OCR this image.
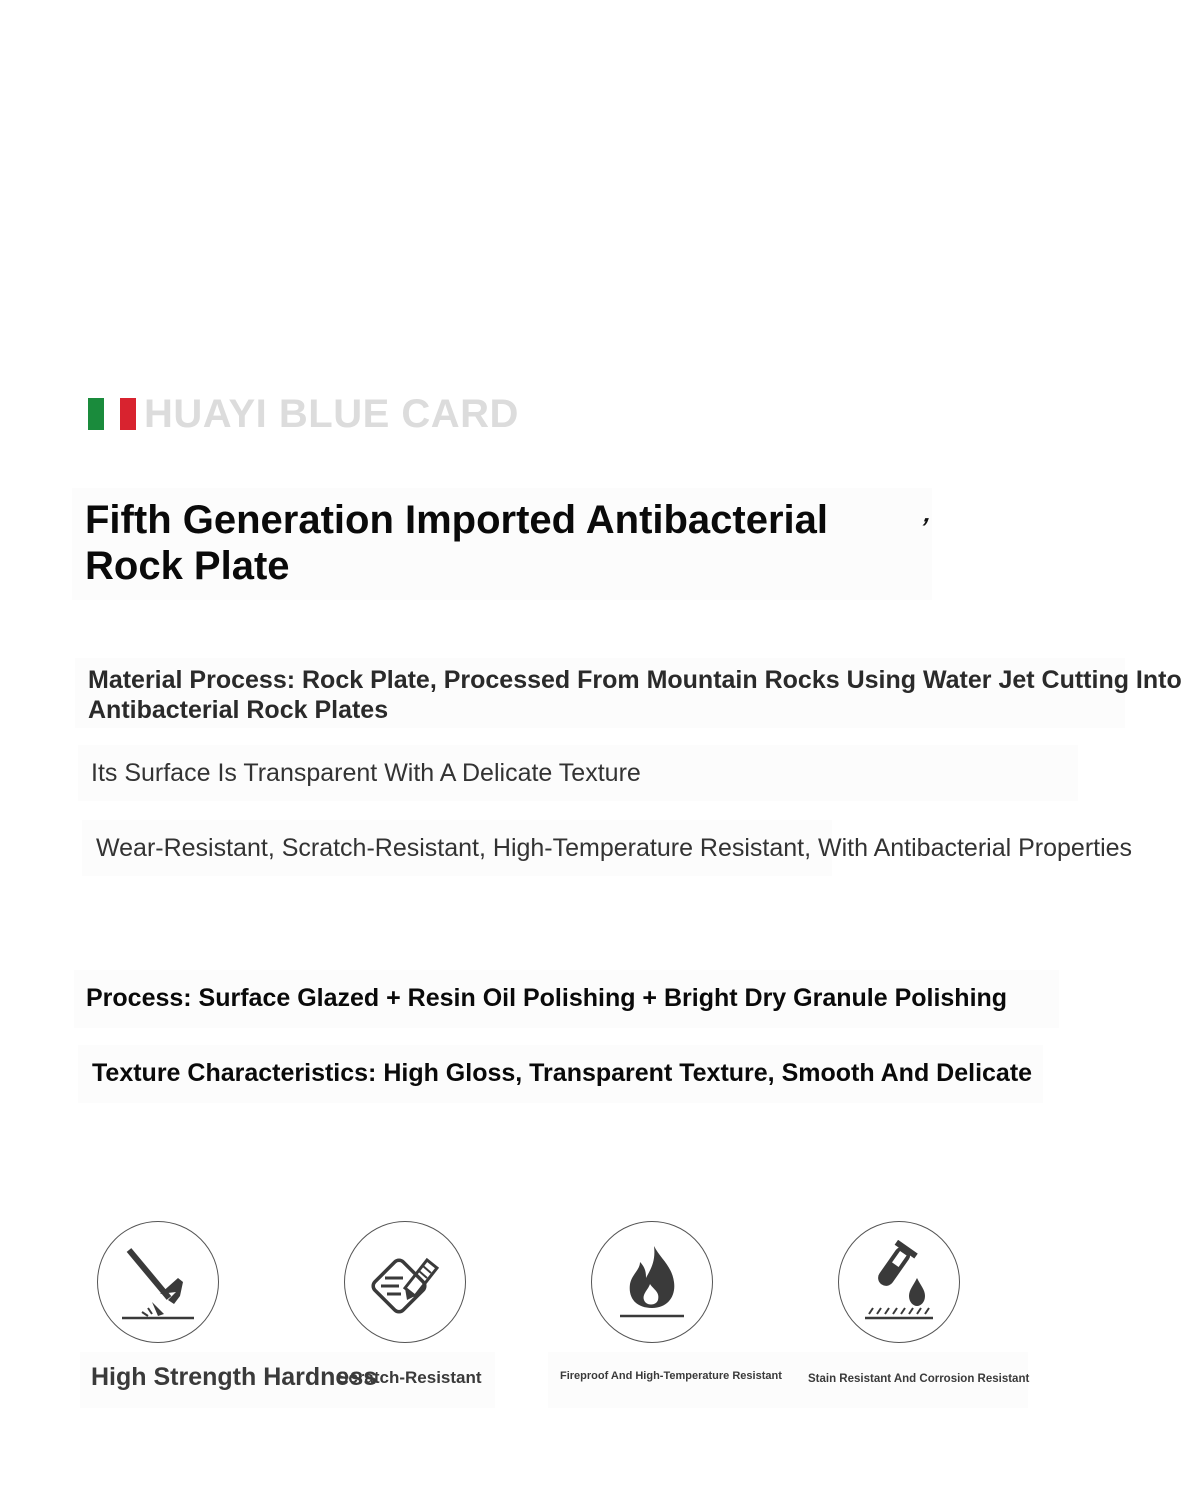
HUAYI BLUE CARD
Fifth Generation Imported Antibacterial Rock Plate
’
Material Process: Rock Plate, Processed From Mountain Rocks Using Water Jet Cutting Into Antibacterial Rock Plates
Its Surface Is Transparent With A Delicate Texture
Wear-Resistant, Scratch-Resistant, High-Temperature Resistant, With Antibacterial Properties
Process: Surface Glazed + Resin Oil Polishing + Bright Dry Granule Polishing
Texture Characteristics: High Gloss, Transparent Texture, Smooth And Delicate
High Strength Hardness
Scratch-Resistant	Fireproof And High-Temperature Resistant Stain Resistant And Corrosion Resistant
